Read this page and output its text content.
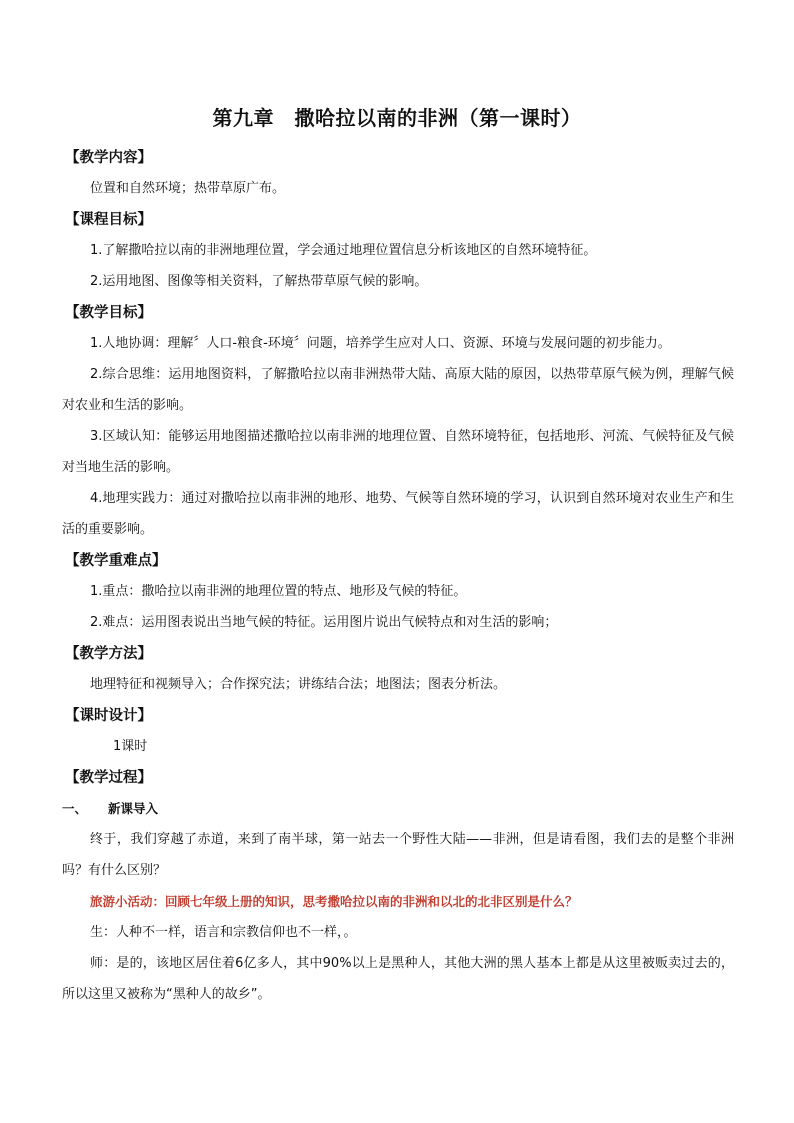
第九章　撒哈拉以南的非洲（第一课时）
【教学内容】
位置和自然环境；热带草原广布。
【课程目标】
1.了解撒哈拉以南的非洲地理位置，学会通过地理位置信息分析该地区的自然环境特征。
2.运用地图、图像等相关资料，了解热带草原气候的影响。
【教学目标】
1.人地协调：理解〞人口-粮食-环境〞问题，培养学生应对人口、资源、环境与发展问题的初步能力。
2.综合思维：运用地图资料，了解撒哈拉以南非洲热带大陆、高原大陆的原因，以热带草原气候为例，理解气候对农业和生活的影响。
3.区域认知：能够运用地图描述撒哈拉以南非洲的地理位置、自然环境特征，包括地形、河流、气候特征及气候对当地生活的影响。
4.地理实践力：通过对撒哈拉以南非洲的地形、地势、气候等自然环境的学习，认识到自然环境对农业生产和生活的重要影响。
【教学重难点】
1.重点：撒哈拉以南非洲的地理位置的特点、地形及气候的特征。
2.难点：运用图表说出当地气候的特征。运用图片说出气候特点和对生活的影响；
【教学方法】
地理特征和视频导入；合作探究法；讲练结合法；地图法；图表分析法。
【课时设计】
1课时
【教学过程】
一、	新课导入
终于，我们穿越了赤道，来到了南半球，第一站去一个野性大陆——非洲，但是请看图，我们去的是整个非洲吗？有什么区别？
旅游小活动：回顾七年级上册的知识，思考撒哈拉以南的非洲和以北的北非区别是什么？
生：人种不一样，语言和宗教信仰也不一样，。
师：是的，该地区居住着6亿多人，其中90%以上是黑种人，其他大洲的黑人基本上都是从这里被贩卖过去的，所以这里又被称为“黑种人的故乡”。
